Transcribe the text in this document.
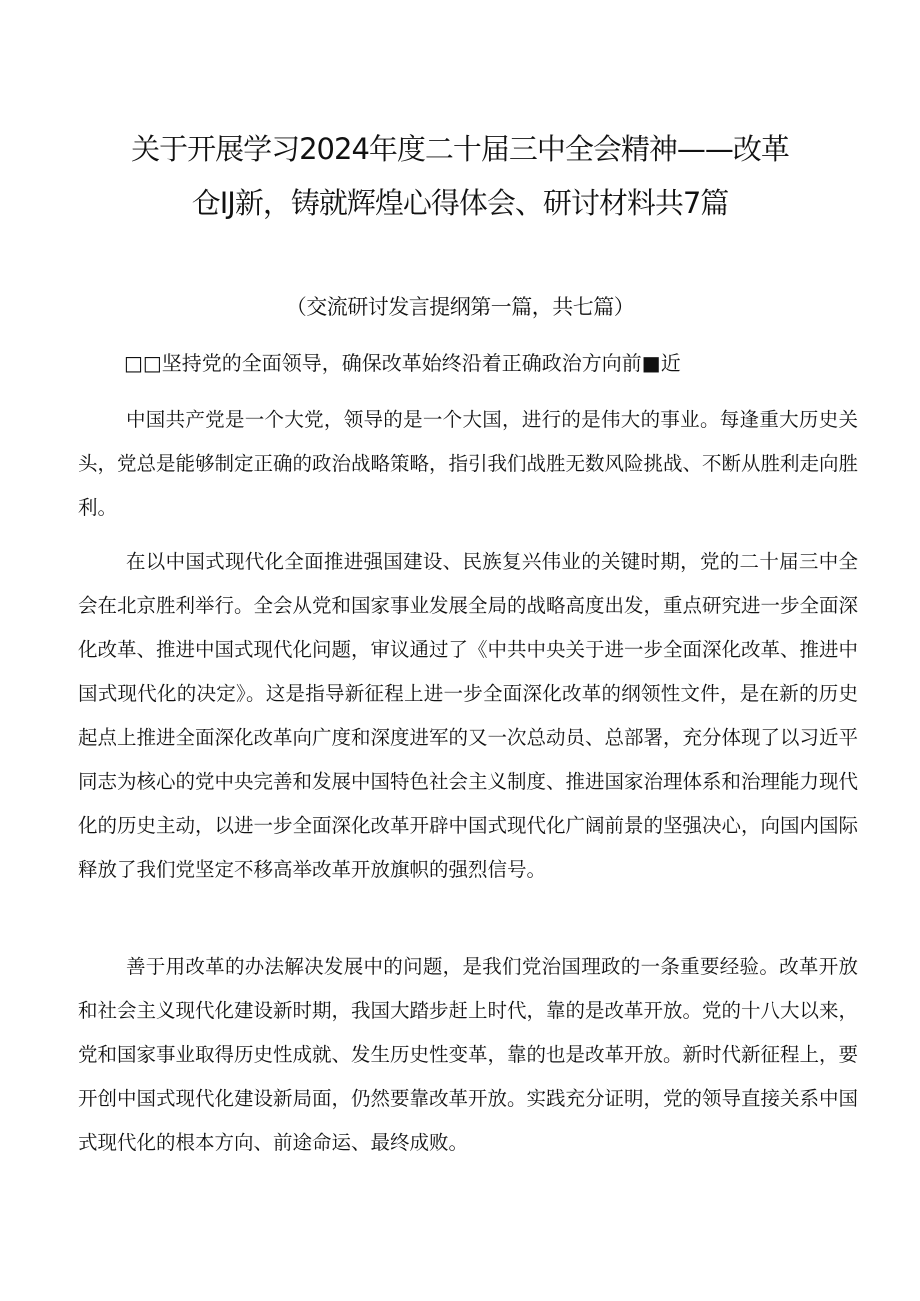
关于开展学习2024年度二十届三中全会精神——改革
仓IJ新，铸就辉煌心得体会、研讨材料共7篇
（交流研讨发言提纲第一篇，共七篇）
□□坚持党的全面领导，确保改革始终沿着正确政治方向前■近

中国共产党是一个大党，领导的是一个大国，进行的是伟大的事业。每逢重大历史关头，党总是能够制定正确的政治战略策略，指引我们战胜无数风险挑战、不断从胜利走向胜利。

在以中国式现代化全面推进强国建设、民族复兴伟业的关键时期，党的二十届三中全会在北京胜利举行。全会从党和国家事业发展全局的战略高度出发，重点研究进一步全面深化改革、推进中国式现代化问题，审议通过了《中共中央关于进一步全面深化改革、推进中国式现代化的决定》。这是指导新征程上进一步全面深化改革的纲领性文件，是在新的历史起点上推进全面深化改革向广度和深度进军的又一次总动员、总部署，充分体现了以习近平同志为核心的党中央完善和发展中国特色社会主义制度、推进国家治理体系和治理能力现代化的历史主动，以进一步全面深化改革开辟中国式现代化广阔前景的坚强决心，向国内国际释放了我们党坚定不移高举改革开放旗帜的强烈信号。

善于用改革的办法解决发展中的问题，是我们党治国理政的一条重要经验。改革开放和社会主义现代化建设新时期，我国大踏步赶上时代，靠的是改革开放。党的十八大以来，党和国家事业取得历史性成就、发生历史性变革，靠的也是改革开放。新时代新征程上，要开创中国式现代化建设新局面，仍然要靠改革开放。实践充分证明，党的领导直接关系中国式现代化的根本方向、前途命运、最终成败。
